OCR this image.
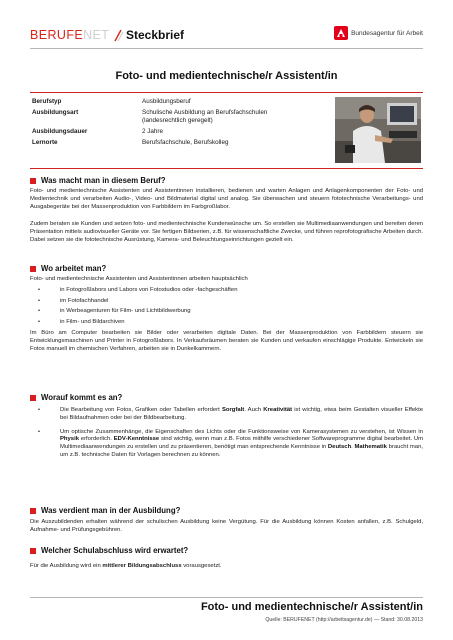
BERUFENET Steckbrief	Bundesagentur für Arbeit
Foto- und medientechnische/r Assistent/in
Berufstyp	Ausbildungsberuf
Ausbildungsart	Schulische Ausbildung an Berufsfachschulen
(landesrechtlich geregelt)

Ausbildungsdauer	2 Jahre
Lernorte	Berufsfachschule, Berufskolleg
Was macht man in diesem Beruf?
Foto- und medientechnische Assistenten und Assistentinnen installieren, bedienen und warten Anlagen und Anlagenkomponenten der Foto- und Medientechnik und verarbeiten Audio-, Video- und Bildmaterial digital und analog. Sie überwachen und steuern fototechnische Verarbeitungs- und Ausgabegeräte bei der Massenproduktion von Farbbildern im Farbgroßlabor.
Zudem beraten sie Kunden und setzen foto- und medientechnische Kundenwünsche um. So erstellen sie Multimediaanwendungen und bereiten deren Präsentation mittels audiovisueller Geräte vor. Sie fertigen Bildserien, z.B. für wissenschaftliche Zwecke, und führen reprofotografische Arbeiten durch. Dabei setzen sie die fototechnische Ausrüstung, Kamera- und Beleuchtungseinrichtungen gezielt ein.
Wo arbeitet man?
Foto- und medientechnische Assistenten und Assistentinnen arbeiten hauptsächlich
• in Fotogroßlabors und Labors von Fotostudios oder -fachgeschäften
• im Fotofachhandel
• in Werbeagenturen für Film- und Lichtbildwerbung
• in Film- und Bildarchiven
Im Büro am Computer bearbeiten sie Bilder oder verarbeiten digitale Daten. Bei der Massenproduktion von Farbbildern steuern sie Entwicklungsmaschinen und Printer in Fotogroßlabors. In Verkaufsräumen beraten sie Kunden und verkaufen einschlägige Produkte. Entwickeln sie Fotos manuell im chemischen Verfahren, arbeiten sie in Dunkelkammern.
Worauf kommt es an?
•	Die Bearbeitung von Fotos, Grafiken oder Tabellen erfordert Sorgfalt. Auch Kreativität ist wichtig, etwa beim Gestalten visueller Effekte bei Bildaufnahmen oder bei der Bildbearbeitung.
•	Um optische Zusammenhänge, die Eigenschaften des Lichts oder die Funktionsweise von Kamerasystemen zu verstehen, ist Wissen in Physik erforderlich. EDV-Kenntnisse sind wichtig, wenn man z.B. Fotos mithilfe verschiedener Softwareprogramme digital bearbeitet. Um Multimediaanwendungen zu erstellen und zu präsentieren, benötigt man entsprechende Kenntnisse in Deutsch. Mathematik braucht man, um z.B. technische Daten für Vorlagen berechnen zu können.
Was verdient man in der Ausbildung?
Die Auszubildenden erhalten während der schulischen Ausbildung keine Vergütung. Für die Ausbildung können Kosten anfallen, z.B. Schulgeld, Aufnahme- und Prüfungsgebühren.
Welcher Schulabschluss wird erwartet?
Für die Ausbildung wird ein mittlerer Bildungsabschluss vorausgesetzt.
Foto- und medientechnische/r Assistent/in
Quelle: BERUFENET (http://arbeitsagentur.de) — Stand: 30.08.2013
